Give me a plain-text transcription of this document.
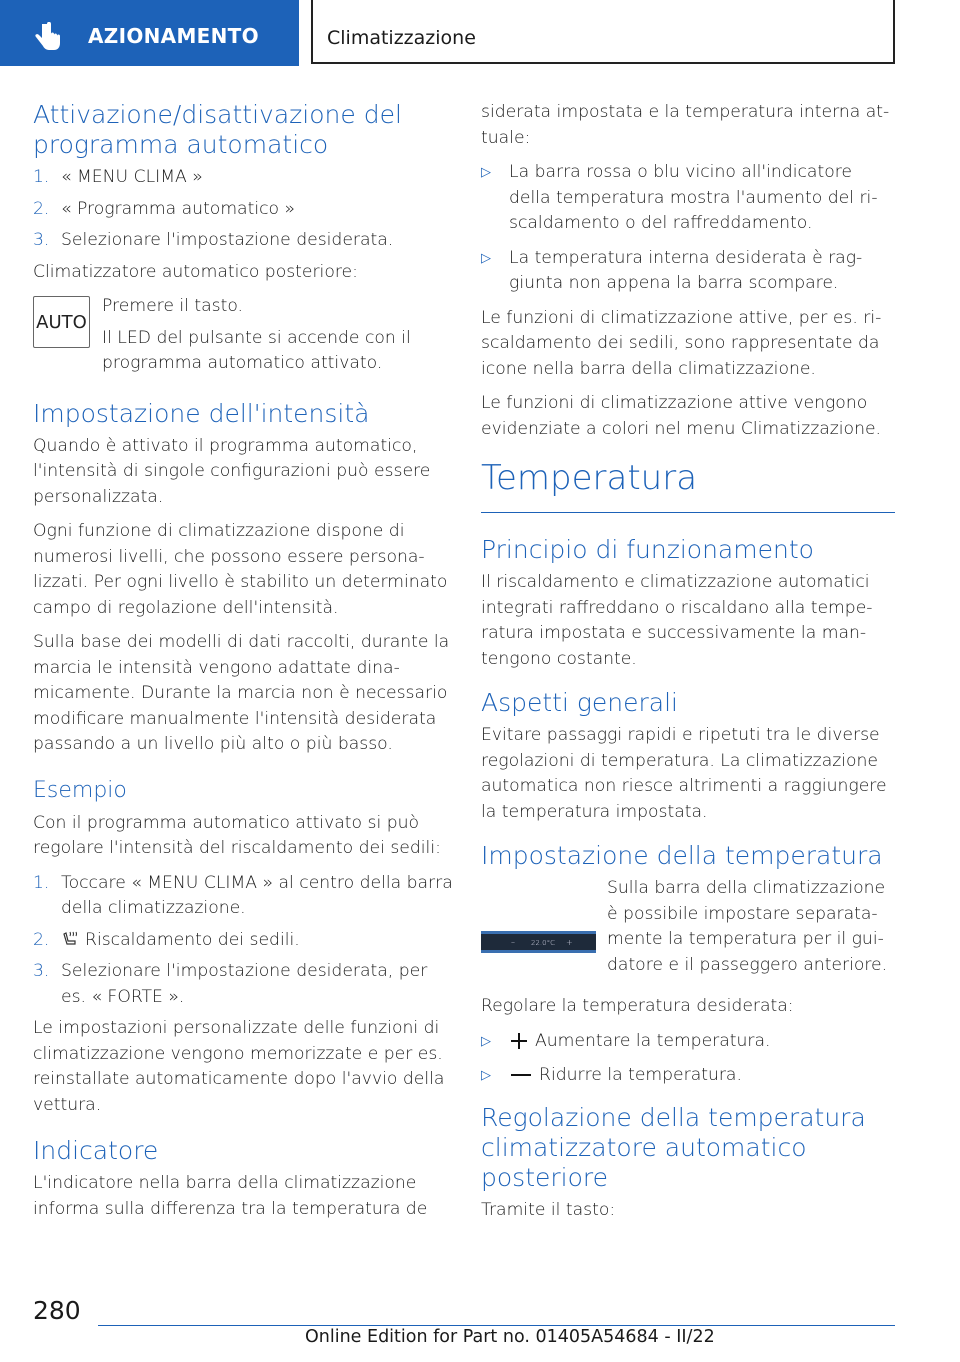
AZIONAMENTO	Climatizzazione
Attivazione/disattivazione del programma automatico
1. « MENU CLIMA »
2. « Programma automatico »
3. Selezionare l'impostazione desiderata.

Climatizzatore automatico posteriore:

AUTO

Premere il tasto.

Il LED del pulsante si accende con il programma automatico attivato.

Impostazione dell'intensità

Quando è attivato il programma automatico, l'intensità di singole configurazioni può essere personalizzata.

Ogni funzione di climatizzazione dispone di numerosi livelli, che possono essere personalizzati. Per ogni livello è stabilito un determinato campo di regolazione dell'intensità.

Sulla base dei modelli di dati raccolti, durante la marcia le intensità vengono adattate dinamicamente. Durante la marcia non è necessario modificare manualmente l'intensità desiderata passando a un livello più alto o più basso.

Esempio

Con il programma automatico attivato si può regolare l'intensità del riscaldamento dei sedili:

1. Toccare « MENU CLIMA » al centro della barra della climatizzazione.
2. Riscaldamento dei sedili.
3. Selezionare l'impostazione desiderata, per es. « FORTE ».

Le impostazioni personalizzate delle funzioni di climatizzazione vengono memorizzate e per es. reinstallate automaticamente dopo l'avvio della vettura.

Indicatore

L'indicatore nella barra della climatizzazione informa sulla differenza tra la temperatura de

siderata impostata e la temperatura interna attuale:

▷ La barra rossa o blu vicino all'indicatore della temperatura mostra l'aumento del riscaldamento o del raffreddamento.
▷ La temperatura interna desiderata è raggiunta non appena la barra scompare.

Le funzioni di climatizzazione attive, per es. riscaldamento dei sedili, sono rappresentate da icone nella barra della climatizzazione.

Le funzioni di climatizzazione attive vengono evidenziate a colori nel menu Climatizzazione.

Temperatura
Principio di funzionamento

Il riscaldamento e climatizzazione automatici integrati raffreddano o riscaldano alla temperatura impostata e successivamente la mantengono costante.

Aspetti generali

Evitare passaggi rapidi e ripetuti tra le diverse regolazioni di temperatura. La climatizzazione automatica non riesce altrimenti a raggiungere la temperatura impostata.

Impostazione della temperatura
– 22.0°C +

Sulla barra della climatizzazione è possibile impostare separatamente la temperatura per il guidatore e il passeggero anteriore.

Regolare la temperatura desiderata:

▷	Aumentare la temperatura.
▷	Ridurre la temperatura.
Regolazione della temperatura climatizzatore automatico posteriore

Tramite il tasto:

280
Online Edition for Part no. 01405A54684 - II/22
